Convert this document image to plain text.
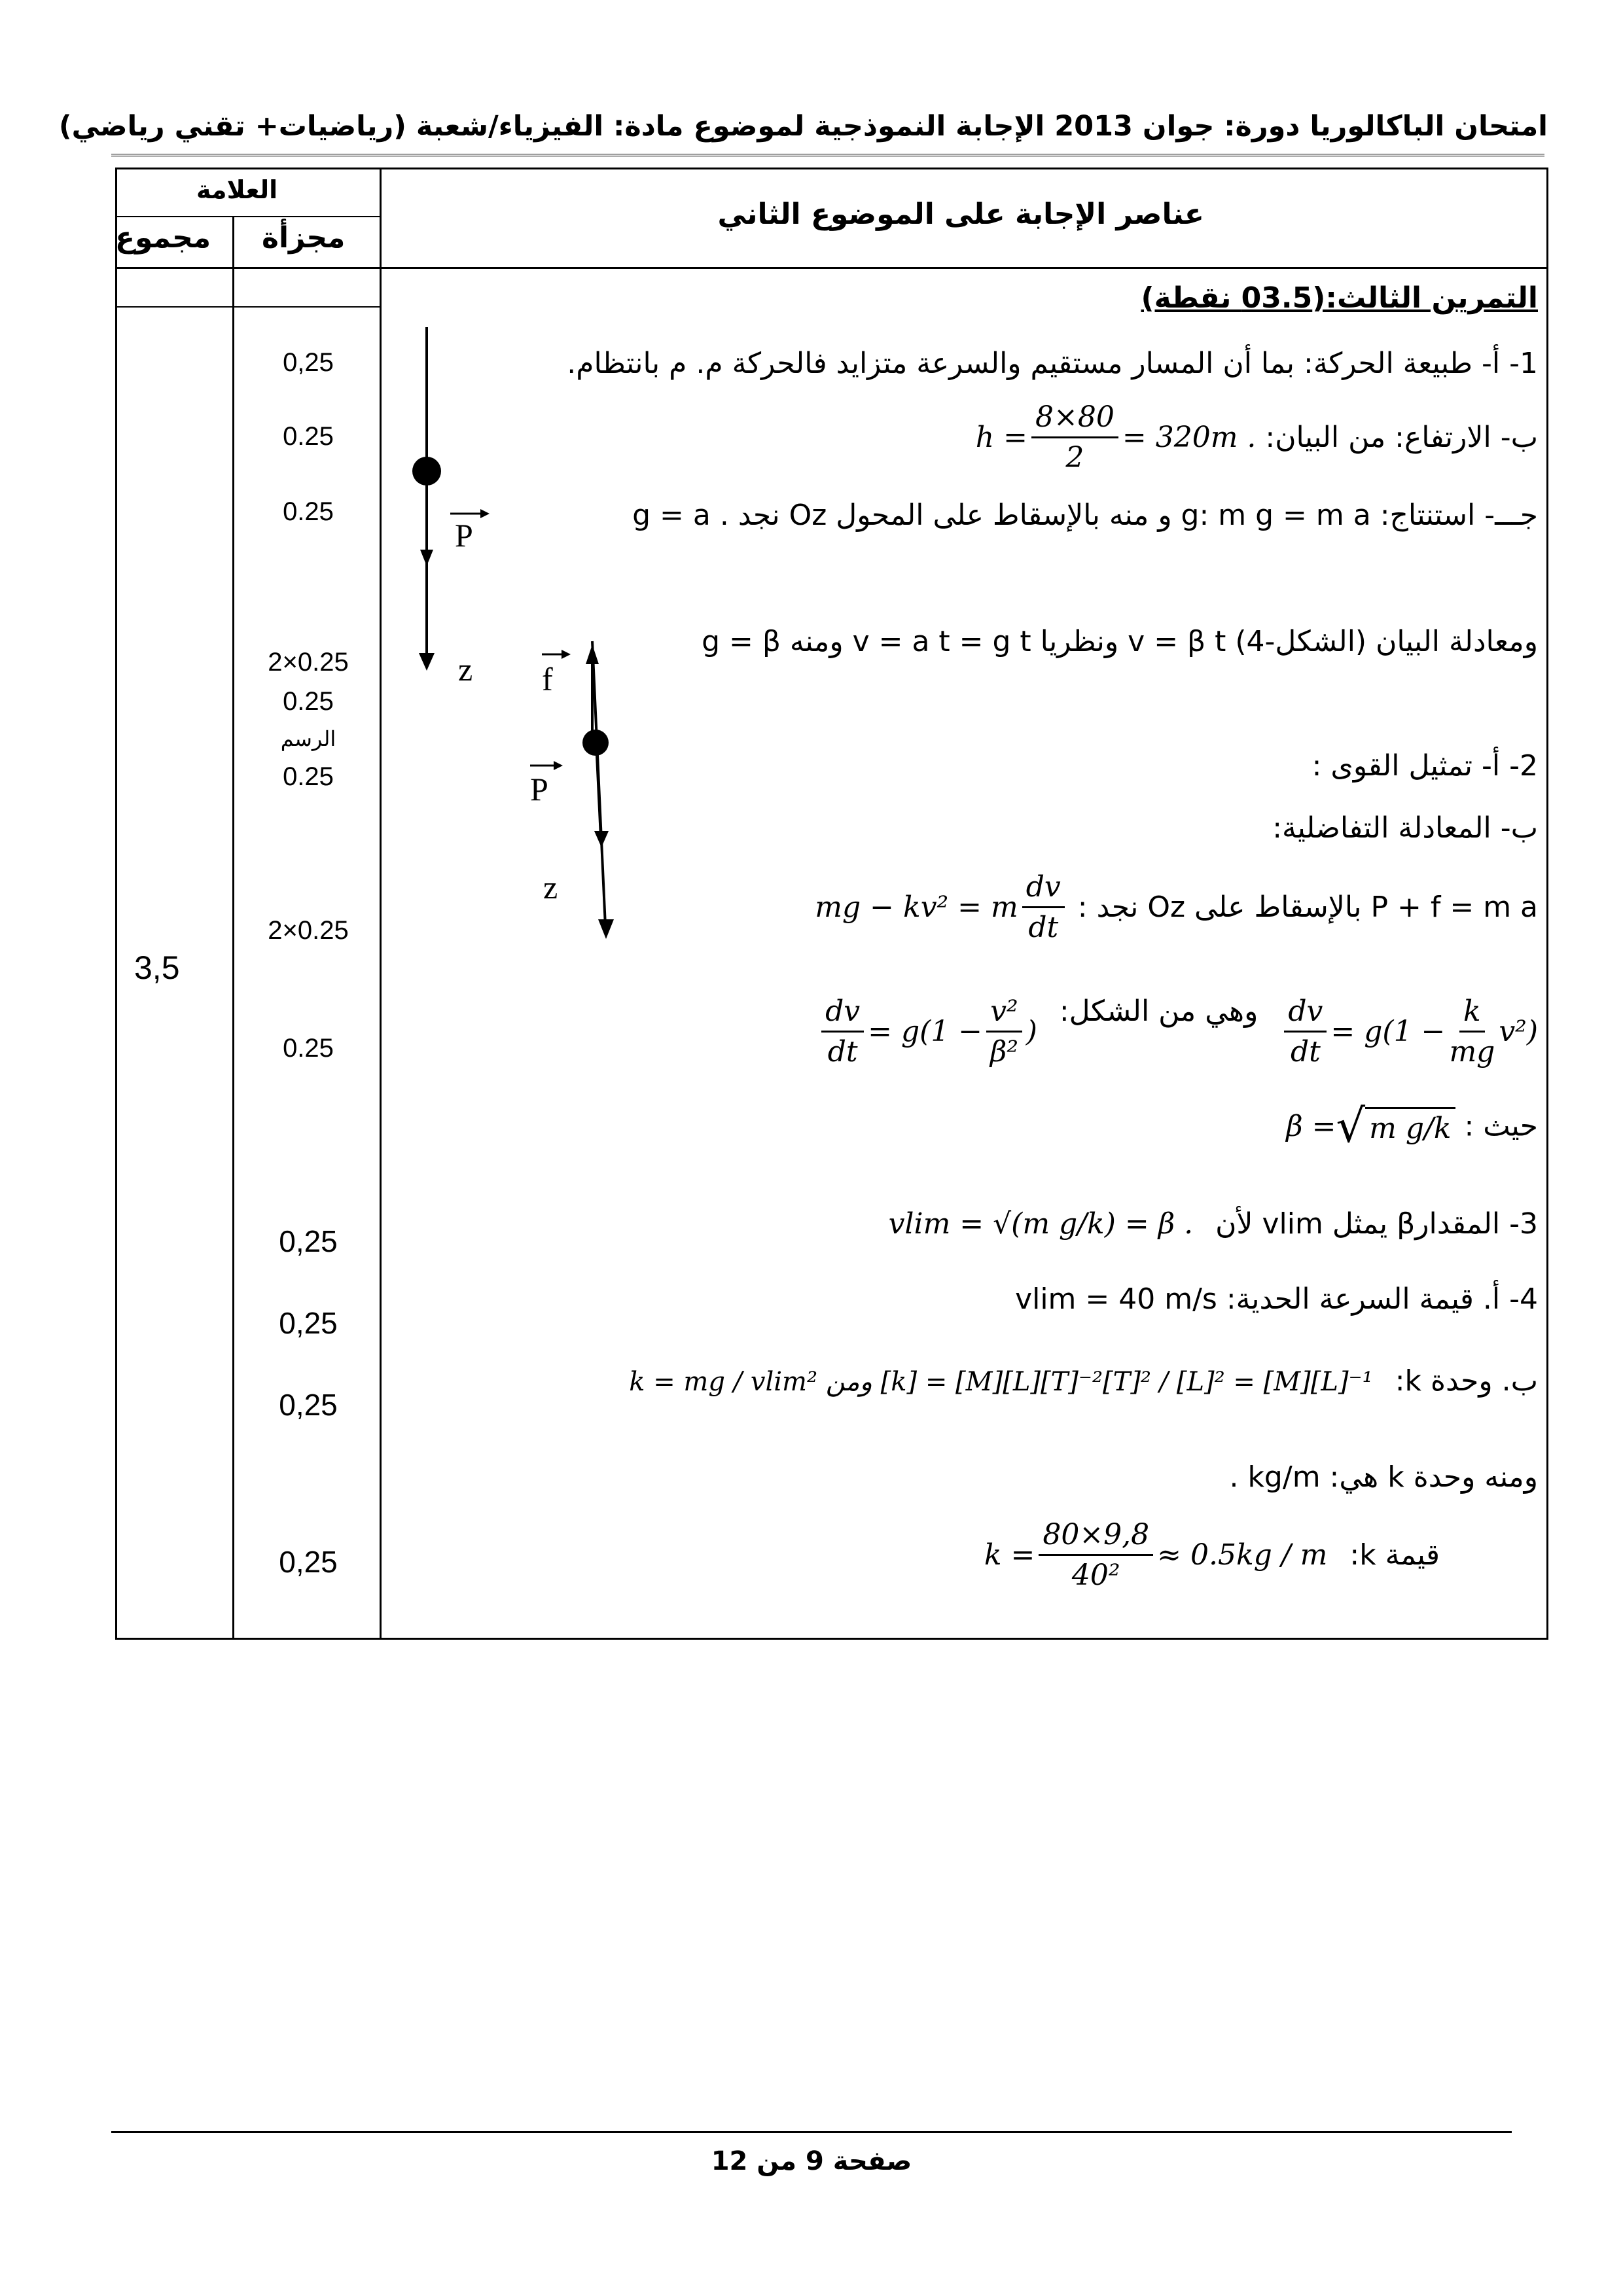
امتحان الباكالوريا دورة: جوان 2013 الإجابة النموذجية لموضوع مادة: الفيزياء/شعبة (رياضيات+ تقني رياضي)
العلامة
مجموع مجزأة
عناصر الإجابة على الموضوع الثاني
التمرين الثالث:(03.5 نقطة)
3,5
0,25
0.25
0.25
2×0.25
0.25
الرسم
0.25
2×0.25
0.25
0,25
0,25
0,25
0,25
1- أ- طبيعة الحركة: بما أن المسار مستقيم والسرعة متزايد فالحركة م. م بانتظام.
ب- الارتفاع: من البيان:
$h = \frac{8\times 80}{2} = 320m$ .
جـــ- استنتاج: g: m g = m a و منه بالإسقاط على المحول Oz نجد . g = a
ومعادلة البيان (الشكل-4) v = β t ونظريا v = a t = g t ومنه g = β
2- أ- تمثيل القوى :
ب- المعادلة التفاضلية:
P + f = m a بالإسقاط على Oz نجد :
mg − kv² = m $\frac{dv}{dt}$
$\frac{dv}{dt} = g(1 - \frac{k}{mg} v^2)$
وهي من الشكل:
$\frac{dv}{dt} = g(1 - \frac{\text{v²}}{\text{β²}}$ )
حيث :
β = √ m g/k
3- المقدارβ يمثل vlim لأن vlim = √(m g/k) = β .
4- أ. قيمة السرعة الحدية: vlim = 40 m/s
ب. وحدة k: k = mg / vlim² ومن [k] = [M][L][T]⁻²[T]² / [L]² = [M][L]⁻¹
ومنه وحدة k هي: kg/m .
قيمة k:
$k = \frac{80\times 9,8}{\text{40²}} \approx 0.5kg / m$
P
z f
P
z
صفحة 9 من 12
